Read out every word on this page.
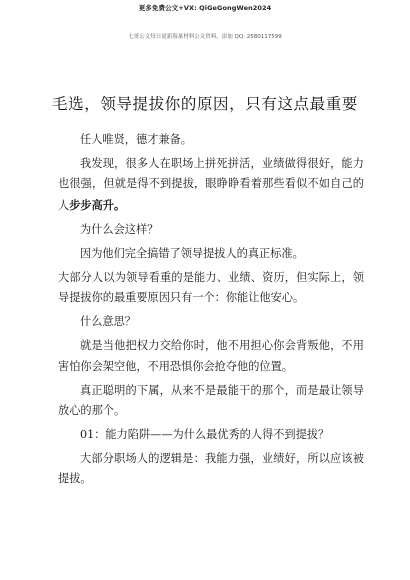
更多免费公文+VX: QiGeGongWen2024
七哥公文每日更新海量材料公文资料，添加 QQ: 2580117599
毛选，领导提拔你的原因，只有这点最重要

任人唯贤，德才兼备。

我发现，很多人在职场上拼死拼活，业绩做得很好，能力也很强，但就是得不到提拔，眼睁睁看着那些看似不如自己的人步步高升。

为什么会这样？

因为他们完全搞错了领导提拔人的真正标准。

大部分人以为领导看重的是能力、业绩、资历，但实际上，领导提拔你的最重要原因只有一个：你能让他安心。

什么意思？

就是当他把权力交给你时，他不用担心你会背叛他，不用害怕你会架空他，不用恐惧你会抢夺他的位置。

真正聪明的下属，从来不是最能干的那个，而是最让领导放心的那个。

01：能力陷阱——为什么最优秀的人得不到提拔？

大部分职场人的逻辑是：我能力强，业绩好，所以应该被提拔。
